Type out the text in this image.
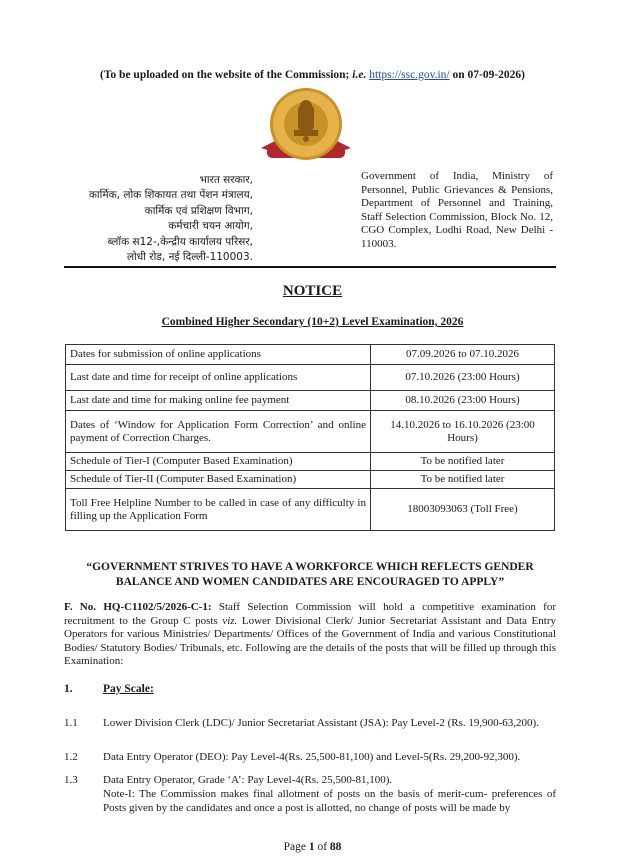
(To be uploaded on the website of the Commission; i.e. https://ssc.gov.in/ on 07-09-2026)
भारत सरकार,
कार्मिक, लोक शिकायत तथा पेंशन मंत्रालय,
कार्मिक एवं प्रशिक्षण विभाग,
कर्मचारी चयन आयोग,
ब्लॉक स12-,केन्द्रीय कार्यालय परिसर,
लोधी रोड, नई दिल्ली-110003.
Government of India, Ministry of Personnel, Public Grievances & Pensions, Department of Personnel and Training, Staff Selection Commission, Block No. 12, CGO Complex, Lodhi Road, New Delhi - 110003.
NOTICE
Combined Higher Secondary (10+2) Level Examination, 2026
Dates for submission of online applications	07.09.2026 to 07.10.2026
Last date and time for receipt of online applications	07.10.2026 (23:00 Hours)
Last date and time for making online fee payment	08.10.2026 (23:00 Hours)
Dates of ‘Window for Application Form Correction’ and online payment of Correction Charges.	14.10.2026 to 16.10.2026 (23:00 Hours)
Schedule of Tier-I (Computer Based Examination)	To be notified later
Schedule of Tier-II (Computer Based Examination)	To be notified later
Toll Free Helpline Number to be called in case of any difficulty in filling up the Application Form	18003093063 (Toll Free)
“GOVERNMENT STRIVES TO HAVE A WORKFORCE WHICH REFLECTS GENDER BALANCE AND WOMEN CANDIDATES ARE ENCOURAGED TO APPLY”
F. No. HQ-C1102/5/2026-C-1: Staff Selection Commission will hold a competitive examination for recruitment to the Group C posts viz. Lower Divisional Clerk/ Junior Secretariat Assistant and Data Entry Operators for various Ministries/ Departments/ Offices of the Government of India and various Constitutional Bodies/ Statutory Bodies/ Tribunals, etc. Following are the details of the posts that will be filled up through this Examination:
1.	Pay Scale:
1.1 Lower Division Clerk (LDC)/ Junior Secretariat Assistant (JSA): Pay Level-2 (Rs. 19,900-63,200).
1.2 Data Entry Operator (DEO): Pay Level-4(Rs. 25,500-81,100) and Level-5(Rs. 29,200-92,300).
1.3 Data Entry Operator, Grade ‘A’: Pay Level-4(Rs. 25,500-81,100).
Note-I: The Commission makes final allotment of posts on the basis of merit-cum- preferences of Posts given by the candidates and once a post is allotted, no change of posts will be made by
Page 1 of 88
